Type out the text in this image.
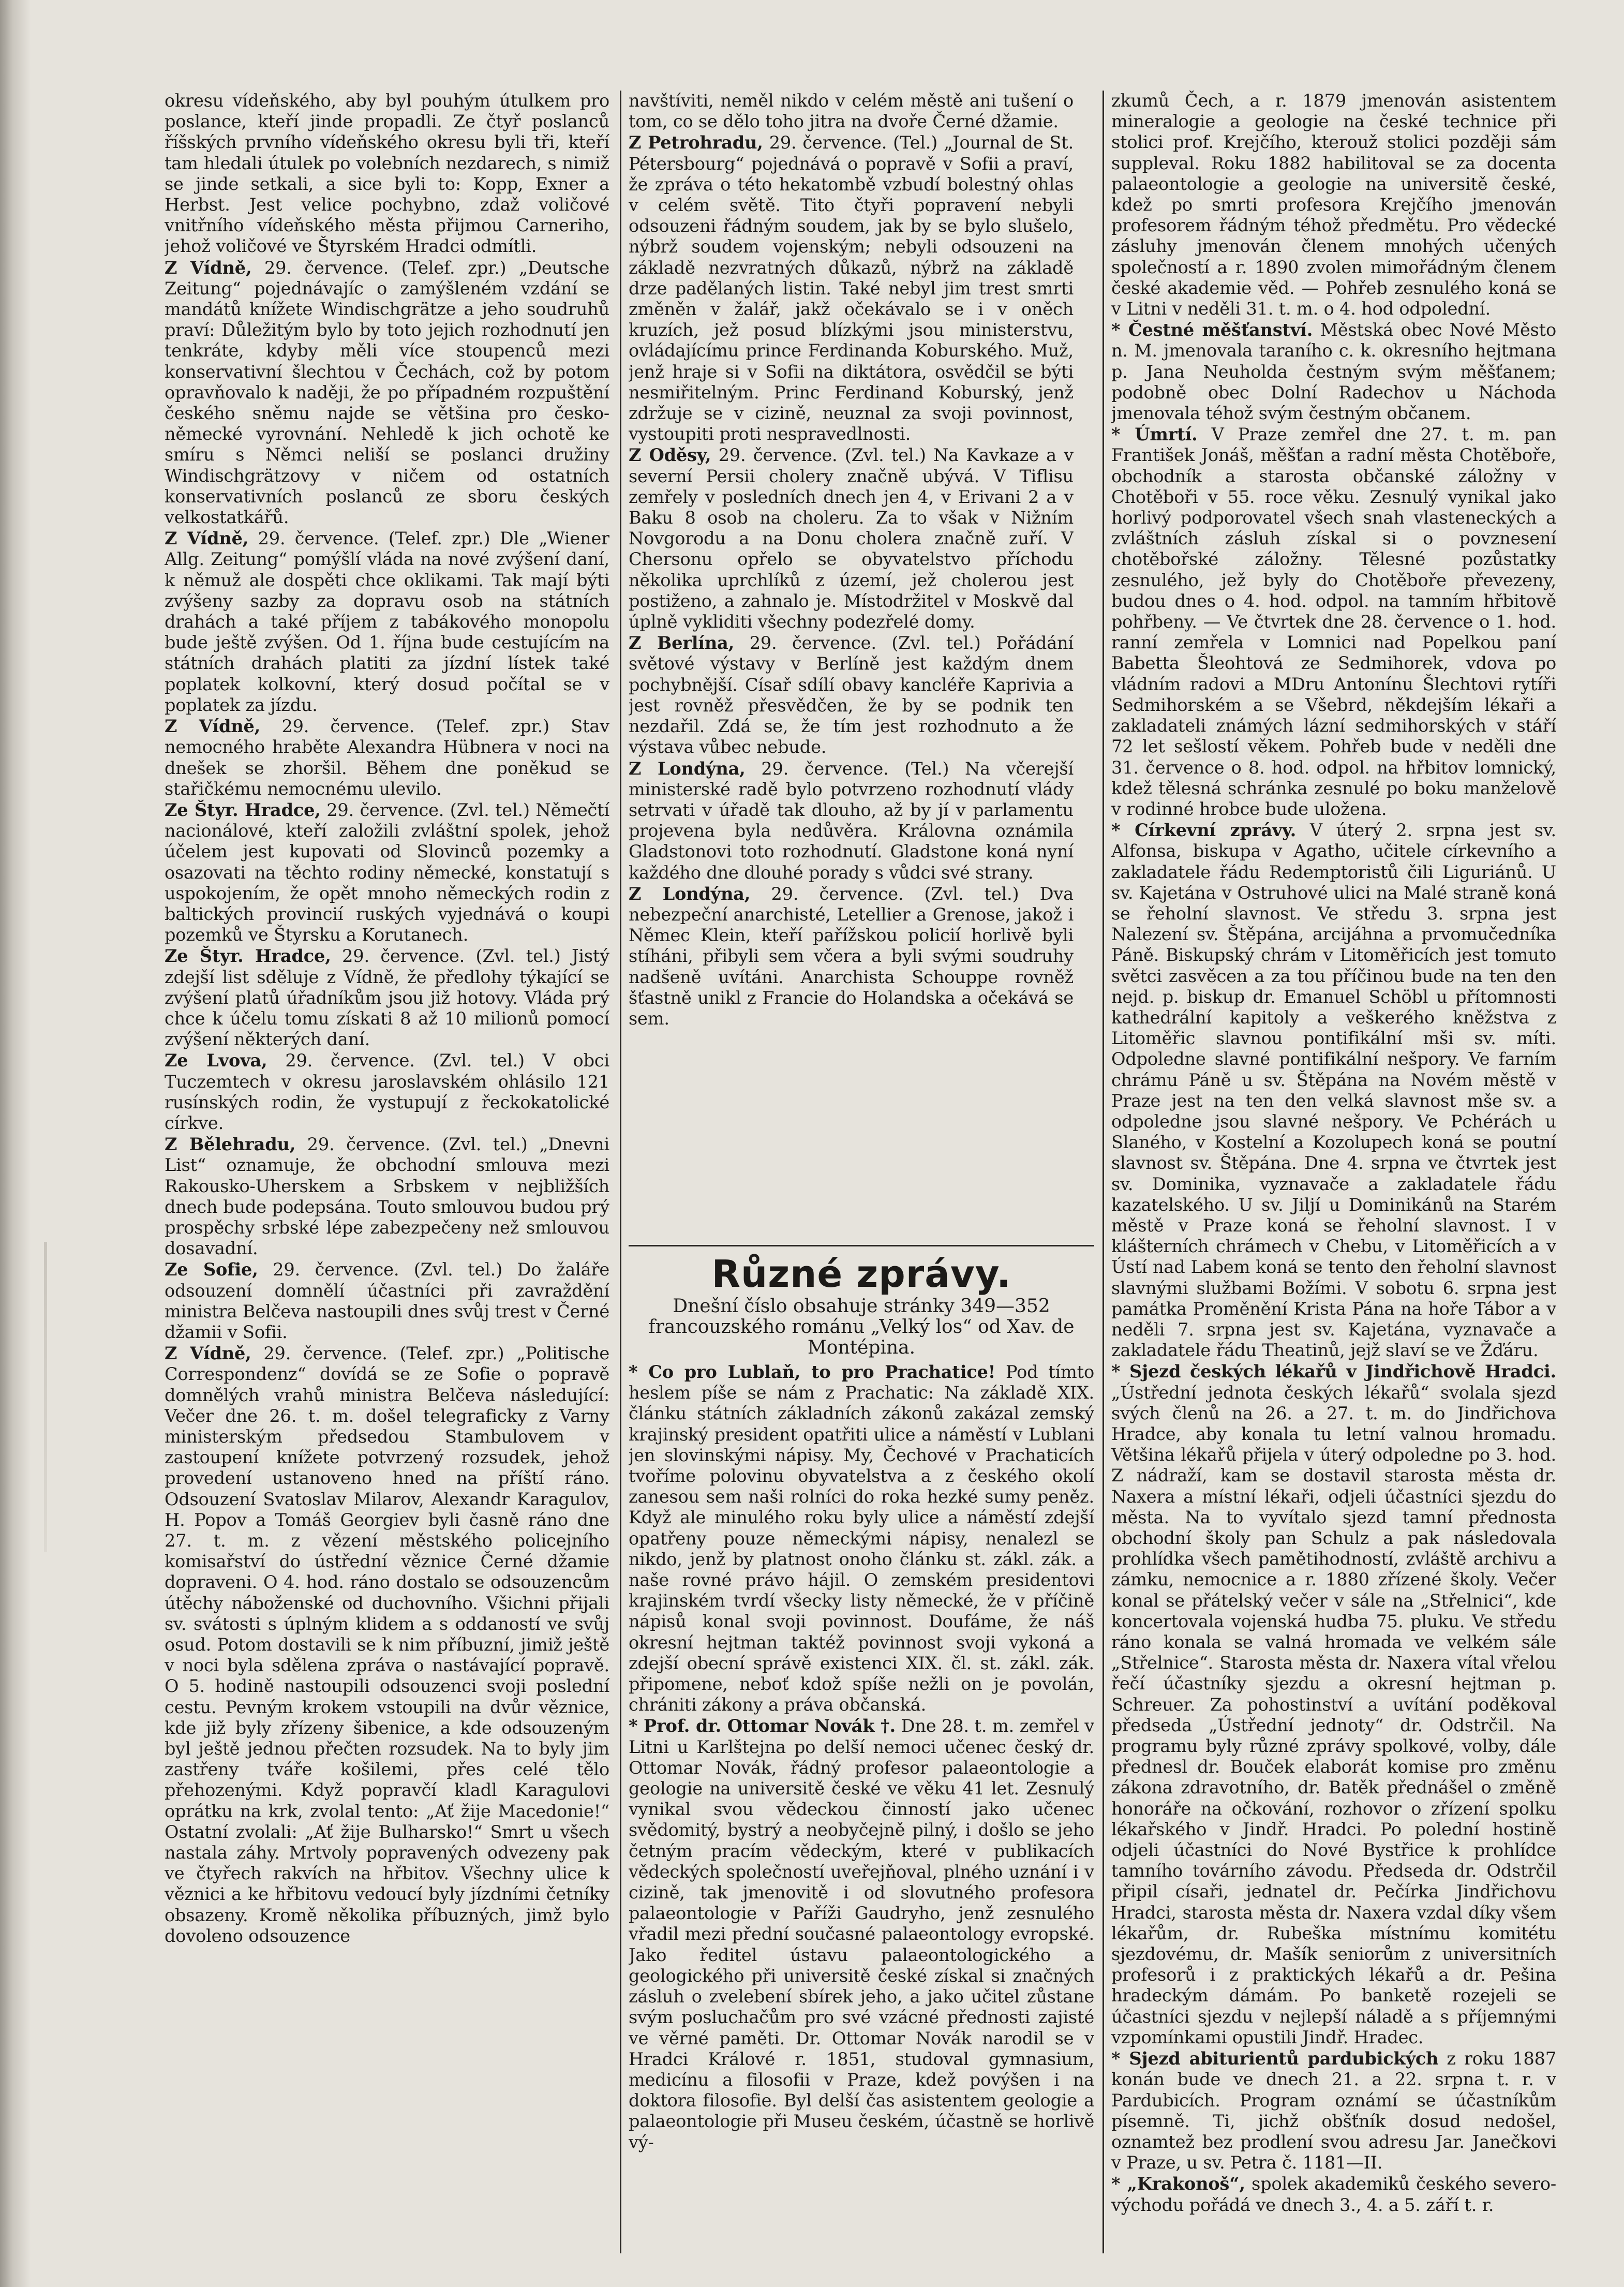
okresu vídeňského, aby byl pouhým útulkem pro poslance, kteří jinde propadli. Ze čtyř poslanců říšských prvního vídeňského okresu byli tři, kteří tam hledali útulek po volebních nezdarech, s nimiž se jinde setkali, a sice byli to: Kopp, Exner a Herbst. Jest velice pochybno, zdaž voličové vnitřního vídeňského města přijmou Carneriho, jehož voličové ve Štyrském Hradci odmítli.

Z Vídně, 29. července. (Telef. zpr.) „Deutsche Zeitung“ pojednávajíc o zamýšleném vzdání se mandátů knížete Windischgrätze a jeho soudruhů praví: Důležitým bylo by toto jejich rozhodnutí jen tenkráte, kdyby měli více stoupenců mezi konservativní šlechtou v Čechách, což by potom opravňovalo k naději, že po případném rozpuštění českého sněmu najde se většina pro česko-německé vyrovnání. Nehledě k jich ochotě ke smíru s Němci neliší se poslanci družiny Windischgrätzovy v ničem od ostatních konservativních poslanců ze sboru českých velkostatkářů.

Z Vídně, 29. července. (Telef. zpr.) Dle „Wiener Allg. Zeitung“ pomýšlí vláda na nové zvýšení daní, k němuž ale dospěti chce oklikami. Tak mají býti zvýšeny sazby za dopravu osob na státních drahách a také příjem z tabákového monopolu bude ještě zvýšen. Od 1. října bude cestujícím na státních drahách platiti za jízdní lístek také poplatek kolkovní, který dosud počítal se v poplatek za jízdu.

Z Vídně, 29. července. (Telef. zpr.) Stav nemocného hraběte Alexandra Hübnera v noci na dnešek se zhoršil. Během dne poněkud se stařičkému nemocnému ulevilo.

Ze Štyr. Hradce, 29. července. (Zvl. tel.) Němečtí nacionálové, kteří založili zvláštní spolek, jehož účelem jest kupovati od Slovinců pozemky a osazovati na těchto rodiny německé, konstatují s uspokojením, že opět mnoho německých rodin z baltických provincií ruských vyjednává o koupi pozemků ve Štyrsku a Korutanech.

Ze Štyr. Hradce, 29. července. (Zvl. tel.) Jistý zdejší list sděluje z Vídně, že předlohy týkající se zvýšení platů úřadníkům jsou již hotovy. Vláda prý chce k účelu tomu získati 8 až 10 milionů pomocí zvýšení některých daní.

Ze Lvova, 29. července. (Zvl. tel.) V obci Tuczemtech v okresu jaroslavském ohlásilo 121 rusínských rodin, že vystupují z řeckokatolické církve.

Z Bělehradu, 29. července. (Zvl. tel.) „Dnevni List“ oznamuje, že obchodní smlouva mezi Rakousko-Uherskem a Srbskem v nejbližších dnech bude podepsána. Touto smlouvou budou prý prospěchy srbské lépe zabezpečeny než smlouvou dosavadní.

Ze Sofie, 29. července. (Zvl. tel.) Do žaláře odsouzení domnělí účastníci při zavraždění ministra Belčeva nastoupili dnes svůj trest v Černé džamii v Sofii.

Z Vídně, 29. července. (Telef. zpr.) „Politische Correspondenz“ dovídá se ze Sofie o popravě domnělých vrahů ministra Belčeva následující: Večer dne 26. t. m. došel telegraficky z Varny ministerským předsedou Stambulovem v zastoupení knížete potvrzený rozsudek, jehož provedení ustanoveno hned na příští ráno. Odsouzení Svatoslav Milarov, Alexandr Karagulov, H. Popov a Tomáš Georgiev byli časně ráno dne 27. t. m. z vězení městského policejního komisařství do ústřední věznice Černé džamie dopraveni. O 4. hod. ráno dostalo se odsouzencům útěchy náboženské od duchovního. Všichni přijali sv. svátosti s úplným klidem a s oddaností ve svůj osud. Potom dostavili se k nim příbuzní, jimiž ještě v noci byla sdělena zpráva o nastávající popravě. O 5. hodině nastoupili odsouzenci svoji poslední cestu. Pevným krokem vstoupili na dvůr věznice, kde již byly zřízeny šibenice, a kde odsouzeným byl ještě jednou přečten rozsudek. Na to byly jim zastřeny tváře košilemi, přes celé tělo přehozenými. Když popravčí kladl Karagulovi oprátku na krk, zvolal tento: „Ať žije Macedonie!“ Ostatní zvolali: „Ať žije Bulharsko!“ Smrt u všech nastala záhy. Mrtvoly popravených odvezeny pak ve čtyřech rakvích na hřbitov. Všechny ulice k věznici a ke hřbitovu vedoucí byly jízdními četníky obsazeny. Kromě několika příbuzných, jimž bylo dovoleno odsouzence

navštíviti, neměl nikdo v celém městě ani tušení o tom, co se dělo toho jitra na dvoře Černé džamie.

Z Petrohradu, 29. července. (Tel.) „Journal de St. Pétersbourg“ pojednává o popravě v Sofii a praví, že zpráva o této hekatombě vzbudí bolestný ohlas v celém světě. Tito čtyři popravení nebyli odsouzeni řádným soudem, jak by se bylo slušelo, nýbrž soudem vojenským; nebyli odsouzeni na základě nezvratných důkazů, nýbrž na základě drze padělaných listin. Také nebyl jim trest smrti změněn v žalář, jakž očekávalo se i v oněch kruzích, jež posud blízkými jsou ministerstvu, ovládajícímu prince Ferdinanda Koburského. Muž, jenž hraje si v Sofii na diktátora, osvědčil se býti nesmiřitelným. Princ Ferdinand Koburský, jenž zdržuje se v cizině, neuznal za svoji povinnost, vystoupiti proti nespravedlnosti.

Z Oděsy, 29. července. (Zvl. tel.) Na Kavkaze a v severní Persii cholery značně ubývá. V Tiflisu zemřely v posledních dnech jen 4, v Erivani 2 a v Baku 8 osob na choleru. Za to však v Nižním Novgorodu a na Donu cholera značně zuří. V Chersonu opřelo se obyvatelstvo příchodu několika uprchlíků z území, jež cholerou jest postiženo, a zahnalo je. Místodržitel v Moskvě dal úplně vykliditi všechny podezřelé domy.

Z Berlína, 29. července. (Zvl. tel.) Pořádání světové výstavy v Berlíně jest každým dnem pochybnější. Císař sdílí obavy kancléře Kaprivia a jest rovněž přesvědčen, že by se podnik ten nezdařil. Zdá se, že tím jest rozhodnuto a že výstava vůbec nebude.

Z Londýna, 29. července. (Tel.) Na včerejší ministerské radě bylo potvrzeno rozhodnutí vlády setrvati v úřadě tak dlouho, až by jí v parlamentu projevena byla nedůvěra. Královna oznámila Gladstonovi toto rozhodnutí. Gladstone koná nyní každého dne dlouhé porady s vůdci své strany.

Z Londýna, 29. července. (Zvl. tel.) Dva nebezpeční anarchisté, Letellier a Grenose, jakož i Němec Klein, kteří pařížskou policií horlivě byli stíháni, přibyli sem včera a byli svými soudruhy nadšeně uvítáni. Anarchista Schouppe rovněž šťastně unikl z Francie do Holandska a očekává se sem.

zkumů Čech, a r. 1879 jmenován asistentem mineralogie a geologie na české technice při stolici prof. Krejčího, kterouž stolici později sám suppleval. Roku 1882 habilitoval se za docenta palaeontologie a geologie na universitě české, kdež po smrti profesora Krejčího jmenován profesorem řádným téhož předmětu. Pro vědecké zásluhy jmenován členem mnohých učených společností a r. 1890 zvolen mimořádným členem české akademie věd. — Pohřeb zesnulého koná se v Litni v neděli 31. t. m. o 4. hod odpolední.

* Čestné měšťanství. Městská obec Nové Město n. M. jmenovala taraního c. k. okresního hejtmana p. Jana Neuholda čestným svým měšťanem; podobně obec Dolní Radechov u Náchoda jmenovala téhož svým čestným občanem.

* Úmrtí. V Praze zemřel dne 27. t. m. pan František Jonáš, měšťan a radní města Chotěboře, obchodník a starosta občanské záložny v Chotěboři v 55. roce věku. Zesnulý vynikal jako horlivý podporovatel všech snah vlasteneckých a zvláštních zásluh získal si o povznesení chotěbořské záložny. Tělesné pozůstatky zesnulého, jež byly do Chotěboře převezeny, budou dnes o 4. hod. odpol. na tamním hřbitově pohřbeny. — Ve čtvrtek dne 28. července o 1. hod. ranní zemřela v Lomnici nad Popelkou paní Babetta Šleohtová ze Sedmihorek, vdova po vládním radovi a MDru Antonínu Šlechtovi rytíři Sedmihorském a se Všebrd, někdejším lékaři a zakladateli známých lázní sedmihorských v stáří 72 let sešlostí věkem. Pohřeb bude v neděli dne 31. července o 8. hod. odpol. na hřbitov lomnický, kdež tělesná schránka zesnulé po boku manželově v rodinné hrobce bude uložena.

* Církevní zprávy. V úterý 2. srpna jest sv. Alfonsa, biskupa v Agatho, učitele církevního a zakladatele řádu Redemptoristů čili Liguriánů. U sv. Kajetána v Ostruhové ulici na Malé straně koná se řeholní slavnost. Ve středu 3. srpna jest Nalezení sv. Štěpána, arcijáhna a prvomučedníka Páně. Biskupský chrám v Litoměřicích jest tomuto světci zasvěcen a za tou příčinou bude na ten den nejd. p. biskup dr. Emanuel Schöbl u přítomnosti kathedrální kapitoly a veškerého kněžstva z Litoměřic slavnou pontifikální mši sv. míti. Odpoledne slavné pontifikální nešpory. Ve farním chrámu Páně u sv. Štěpána na Novém městě v Praze jest na ten den velká slavnost mše sv. a odpoledne jsou slavné nešpory. Ve Pchérách u Slaného, v Kostelní a Kozolupech koná se poutní slavnost sv. Štěpána. Dne 4. srpna ve čtvrtek jest sv. Dominika, vyznavače a zakladatele řádu kazatelského. U sv. Jiljí u Dominikánů na Starém městě v Praze koná se řeholní slavnost. I v klášterních chrámech v Chebu, v Litoměřicích a v Ústí nad Labem koná se tento den řeholní slavnost slavnými službami Božími. V sobotu 6. srpna jest památka Proměnění Krista Pána na hoře Tábor a v neděli 7. srpna jest sv. Kajetána, vyznavače a zakladatele řádu Theatinů, jejž slaví se ve Žďáru.

* Sjezd českých lékařů v Jindřichově Hradci. „Ústřední jednota českých lékařů“ svolala sjezd svých členů na 26. a 27. t. m. do Jindřichova Hradce, aby konala tu letní valnou hromadu. Většina lékařů přijela v úterý odpoledne po 3. hod. Z nádraží, kam se dostavil starosta města dr. Naxera a místní lékaři, odjeli účastníci sjezdu do města. Na to vyvítalo sjezd tamní přednosta obchodní školy pan Schulz a pak následovala prohlídka všech pamětihodností, zvláště archivu a zámku, nemocnice a r. 1880 zřízené školy. Večer konal se přátelský večer v sále na „Střelnici“, kde koncertovala vojenská hudba 75. pluku. Ve středu ráno konala se valná hromada ve velkém sále „Střelnice“. Starosta města dr. Naxera vítal vřelou řečí účastníky sjezdu a okresní hejtman p. Schreuer. Za pohostinství a uvítání poděkoval předseda „Ústřední jednoty“ dr. Odstrčil. Na programu byly různé zprávy spolkové, volby, dále přednesl dr. Bouček elaborát komise pro změnu zákona zdravotního, dr. Batěk přednášel o změně honoráře na očkování, rozhovor o zřízení spolku lékařského v Jindř. Hradci. Po polední hostině odjeli účastníci do Nové Bystřice k prohlídce tamního továrního závodu. Předseda dr. Odstrčil připil císaři, jednatel dr. Pečírka Jindřichovu Hradci, starosta města dr. Naxera vzdal díky všem lékařům, dr. Rubeška místnímu komitétu sjezdovému, dr. Mašík seniorům z universitních profesorů i z praktických lékařů a dr. Pešina hradeckým dámám. Po banketě rozejeli se účastníci sjezdu v nejlepší náladě a s příjemnými vzpomínkami opustili Jindř. Hradec.

* Sjezd abiturientů pardubických z roku 1887 konán bude ve dnech 21. a 22. srpna t. r. v Pardubicích. Program oznámí se účastníkům písemně. Ti, jichž obšťník dosud nedošel, oznamtež bez prodlení svou adresu Jar. Janečkovi v Praze, u sv. Petra č. 1181—II.

* „Krakonoš“, spolek akademiků českého severo-východu pořádá ve dnech 3., 4. a 5. září t. r.

Různé zprávy.

Dnešní číslo obsahuje stránky 349—352 francouzského románu „Velký los“ od Xav. de Montépina.

* Co pro Lublaň, to pro Prachatice! Pod tímto heslem píše se nám z Prachatic: Na základě XIX. článku státních základních zákonů zakázal zemský krajinský president opatřiti ulice a náměstí v Lublani jen slovinskými nápisy. My, Čechové v Prachaticích tvoříme polovinu obyvatelstva a z českého okolí zanesou sem naši rolníci do roka hezké sumy peněz. Když ale minulého roku byly ulice a náměstí zdejší opatřeny pouze německými nápisy, nenalezl se nikdo, jenž by platnost onoho článku st. zákl. zák. a naše rovné právo hájil. O zemském presidentovi krajinském tvrdí všecky listy německé, že v příčině nápisů konal svoji povinnost. Doufáme, že náš okresní hejtman taktéž povinnost svoji vykoná a zdejší obecní správě existenci XIX. čl. st. zákl. zák. připomene, neboť kdož spíše nežli on je povolán, chrániti zákony a práva občanská.

* Prof. dr. Ottomar Novák †. Dne 28. t. m. zemřel v Litni u Karlštejna po delší nemoci učenec český dr. Ottomar Novák, řádný profesor palaeontologie a geologie na universitě české ve věku 41 let. Zesnulý vynikal svou vědeckou činností jako učenec svědomitý, bystrý a neobyčejně pilný, i došlo se jeho četným pracím vědeckým, které v publikacích vědeckých společností uveřejňoval, plného uznání i v cizině, tak jmenovitě i od slovutného profesora palaeontologie v Paříži Gaudryho, jenž zesnulého vřadil mezi přední současné palaeontology evropské. Jako ředitel ústavu palaeontologického a geologického při universitě české získal si značných zásluh o zvelebení sbírek jeho, a jako učitel zůstane svým posluchačům pro své vzácné přednosti zajisté ve věrné paměti. Dr. Ottomar Novák narodil se v Hradci Králové r. 1851, studoval gymnasium, medicínu a filosofii v Praze, kdež povýšen i na doktora filosofie. Byl delší čas asistentem geologie a palaeontologie při Museu českém, účastně se horlivě vý-
